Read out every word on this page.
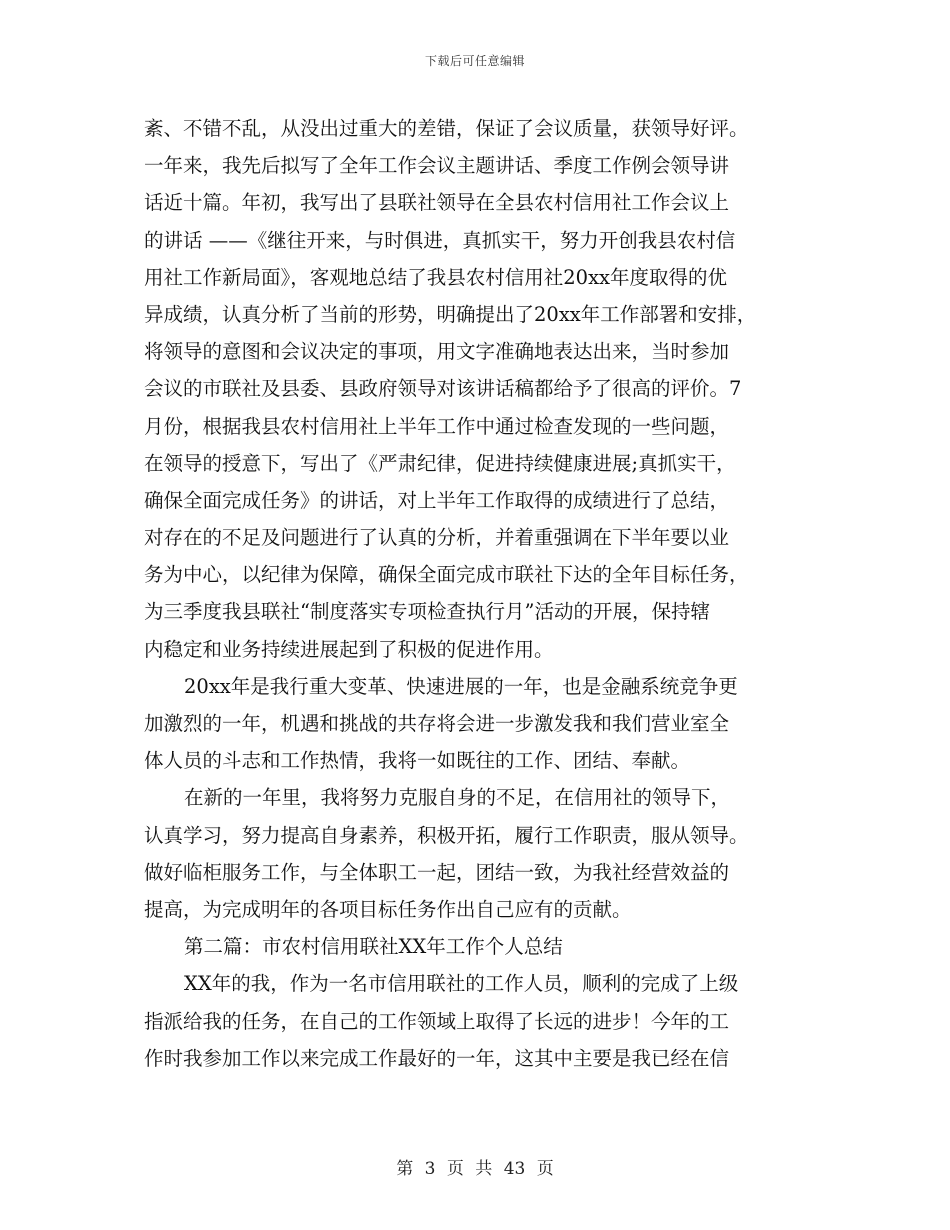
下载后可任意编辑
紊、不错不乱，从没出过重大的差错，保证了会议质量，获领导好评。
一年来，我先后拟写了全年工作会议主题讲话、季度工作例会领导讲
话近十篇。年初，我写出了县联社领导在全县农村信用社工作会议上
的讲话 ——《继往开来，与时俱进，真抓实干，努力开创我县农村信
用社工作新局面》，客观地总结了我县农村信用社20xx年度取得的优
异成绩，认真分析了当前的形势，明确提出了20xx年工作部署和安排，
将领导的意图和会议决定的事项，用文字准确地表达出来，当时参加
会议的市联社及县委、县政府领导对该讲话稿都给予了很高的评价。7
月份，根据我县农村信用社上半年工作中通过检查发现的一些问题，
在领导的授意下，写出了《严肃纪律，促进持续健康进展;真抓实干，
确保全面完成任务》的讲话，对上半年工作取得的成绩进行了总结，
对存在的不足及问题进行了认真的分析，并着重强调在下半年要以业
务为中心，以纪律为保障，确保全面完成市联社下达的全年目标任务，
为三季度我县联社“制度落实专项检查执行月”活动的开展，保持辖
内稳定和业务持续进展起到了积极的促进作用。
20xx年是我行重大变革、快速进展的一年，也是金融系统竞争更
加激烈的一年，机遇和挑战的共存将会进一步激发我和我们营业室全
体人员的斗志和工作热情，我将一如既往的工作、团结、奉献。
在新的一年里，我将努力克服自身的不足，在信用社的领导下，
认真学习，努力提高自身素养，积极开拓，履行工作职责，服从领导。
做好临柜服务工作，与全体职工一起，团结一致，为我社经营效益的
提高，为完成明年的各项目标任务作出自己应有的贡献。
第二篇：市农村信用联社XX年工作个人总结
XX年的我，作为一名市信用联社的工作人员，顺利的完成了上级
指派给我的任务，在自己的工作领域上取得了长远的进步！今年的工
作时我参加工作以来完成工作最好的一年，这其中主要是我已经在信
第 3 页 共 43 页
